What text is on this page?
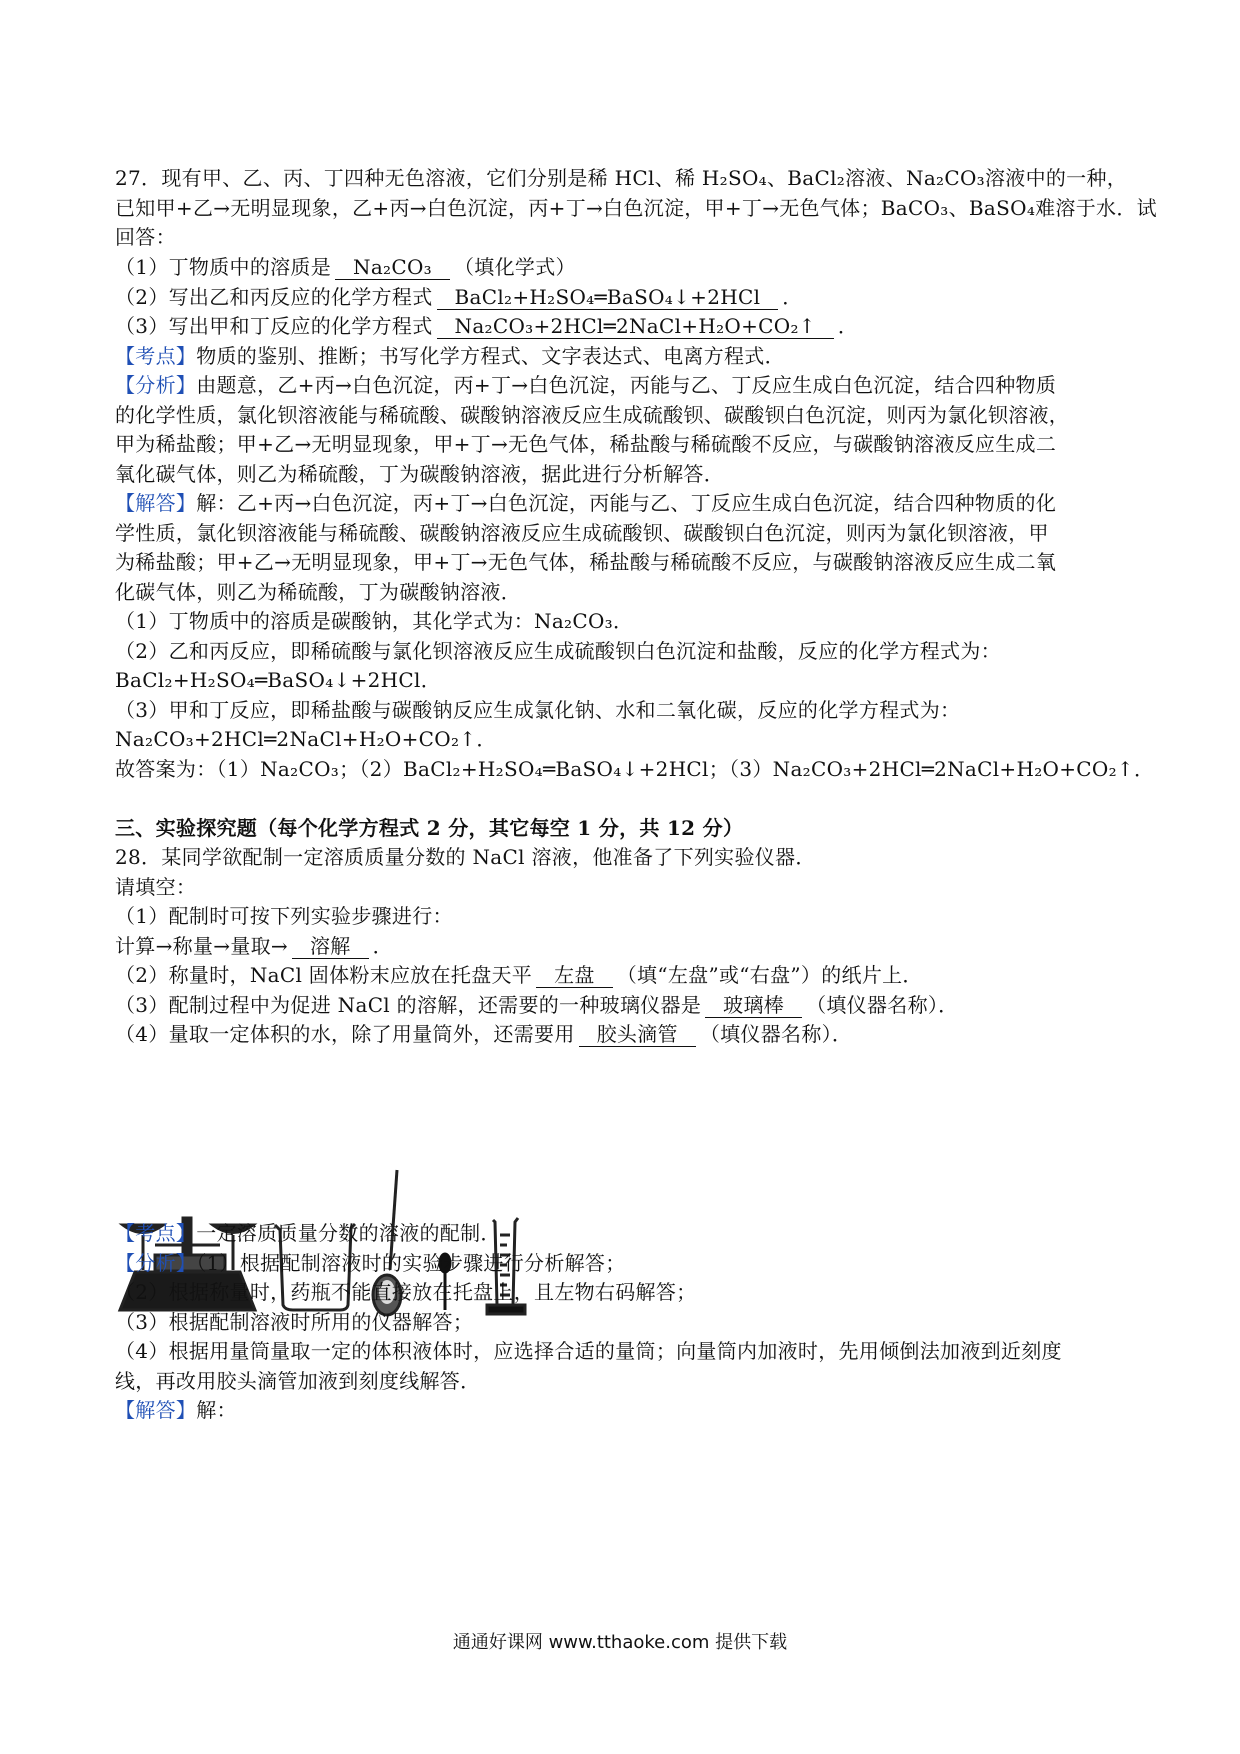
27．现有甲、乙、丙、丁四种无色溶液，它们分别是稀 HCl、稀 H₂SO₄、BaCl₂溶液、Na₂CO₃溶液中的一种，
已知甲+乙→无明显现象，乙+丙→白色沉淀，丙+丁→白色沉淀，甲+丁→无色气体；BaCO₃、BaSO₄难溶于水．试
回答：
（1）丁物质中的溶质是 Na₂CO₃ （填化学式）
（2）写出乙和丙反应的化学方程式 BaCl₂+H₂SO₄═BaSO₄↓+2HCl ．
（3）写出甲和丁反应的化学方程式 Na₂CO₃+2HCl═2NaCl+H₂O+CO₂↑ ．
【考点】物质的鉴别、推断；书写化学方程式、文字表达式、电离方程式．
【分析】由题意，乙+丙→白色沉淀，丙+丁→白色沉淀，丙能与乙、丁反应生成白色沉淀，结合四种物质
的化学性质，氯化钡溶液能与稀硫酸、碳酸钠溶液反应生成硫酸钡、碳酸钡白色沉淀，则丙为氯化钡溶液，
甲为稀盐酸；甲+乙→无明显现象，甲+丁→无色气体，稀盐酸与稀硫酸不反应，与碳酸钠溶液反应生成二
氧化碳气体，则乙为稀硫酸，丁为碳酸钠溶液，据此进行分析解答．
【解答】解：乙+丙→白色沉淀，丙+丁→白色沉淀，丙能与乙、丁反应生成白色沉淀，结合四种物质的化
学性质，氯化钡溶液能与稀硫酸、碳酸钠溶液反应生成硫酸钡、碳酸钡白色沉淀，则丙为氯化钡溶液，甲
为稀盐酸；甲+乙→无明显现象，甲+丁→无色气体，稀盐酸与稀硫酸不反应，与碳酸钠溶液反应生成二氧
化碳气体，则乙为稀硫酸，丁为碳酸钠溶液．
（1）丁物质中的溶质是碳酸钠，其化学式为：Na₂CO₃．
（2）乙和丙反应，即稀硫酸与氯化钡溶液反应生成硫酸钡白色沉淀和盐酸，反应的化学方程式为：
BaCl₂+H₂SO₄═BaSO₄↓+2HCl．
（3）甲和丁反应，即稀盐酸与碳酸钠反应生成氯化钠、水和二氧化碳，反应的化学方程式为：
Na₂CO₃+2HCl═2NaCl+H₂O+CO₂↑．
故答案为：（1）Na₂CO₃；（2）BaCl₂+H₂SO₄═BaSO₄↓+2HCl；（3）Na₂CO₃+2HCl═2NaCl+H₂O+CO₂↑．
三、实验探究题（每个化学方程式 2 分，其它每空 1 分，共 12 分）
28．某同学欲配制一定溶质质量分数的 NaCl 溶液，他准备了下列实验仪器．
请填空：
（1）配制时可按下列实验步骤进行：
计算→称量→量取→ 溶解 ．
（2）称量时，NaCl 固体粉末应放在托盘天平 左盘 （填“左盘”或“右盘”）的纸片上．
（3）配制过程中为促进 NaCl 的溶解，还需要的一种玻璃仪器是 玻璃棒 （填仪器名称）．
（4）量取一定体积的水，除了用量筒外，还需要用 胶头滴管 （填仪器名称）．
【考点】一定溶质质量分数的溶液的配制．
【分析】（1）根据配制溶液时的实验步骤进行分析解答；
（2）根据称量时，药瓶不能直接放在托盘上，且左物右码解答；
（3）根据配制溶液时所用的仪器解答；
（4）根据用量筒量取一定的体积液体时，应选择合适的量筒；向量筒内加液时，先用倾倒法加液到近刻度
线，再改用胶头滴管加液到刻度线解答．
【解答】解：
通通好课网 www.tthaoke.com 提供下载
